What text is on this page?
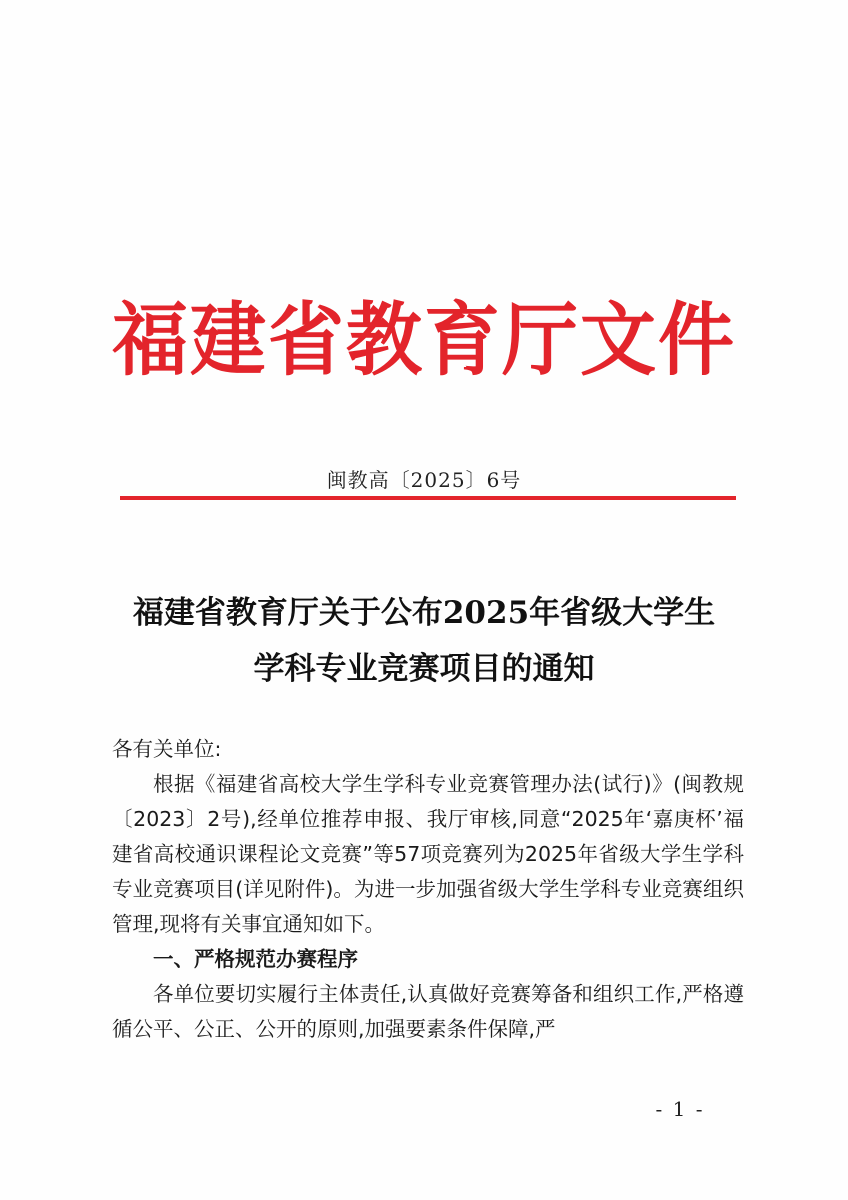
福建省教育厅文件
闽教高〔2025〕6号
福建省教育厅关于公布2025年省级大学生
学科专业竞赛项目的通知

各有关单位:

根据《福建省高校大学生学科专业竞赛管理办法(试行)》(闽教规〔2023〕2号),经单位推荐申报、我厅审核,同意“2025年‘嘉庚杯’福建省高校通识课程论文竞赛”等57项竞赛列为2025年省级大学生学科专业竞赛项目(详见附件)。为进一步加强省级大学生学科专业竞赛组织管理,现将有关事宜通知如下。

一、严格规范办赛程序

各单位要切实履行主体责任,认真做好竞赛筹备和组织工作,严格遵循公平、公正、公开的原则,加强要素条件保障,严

- 1 -
